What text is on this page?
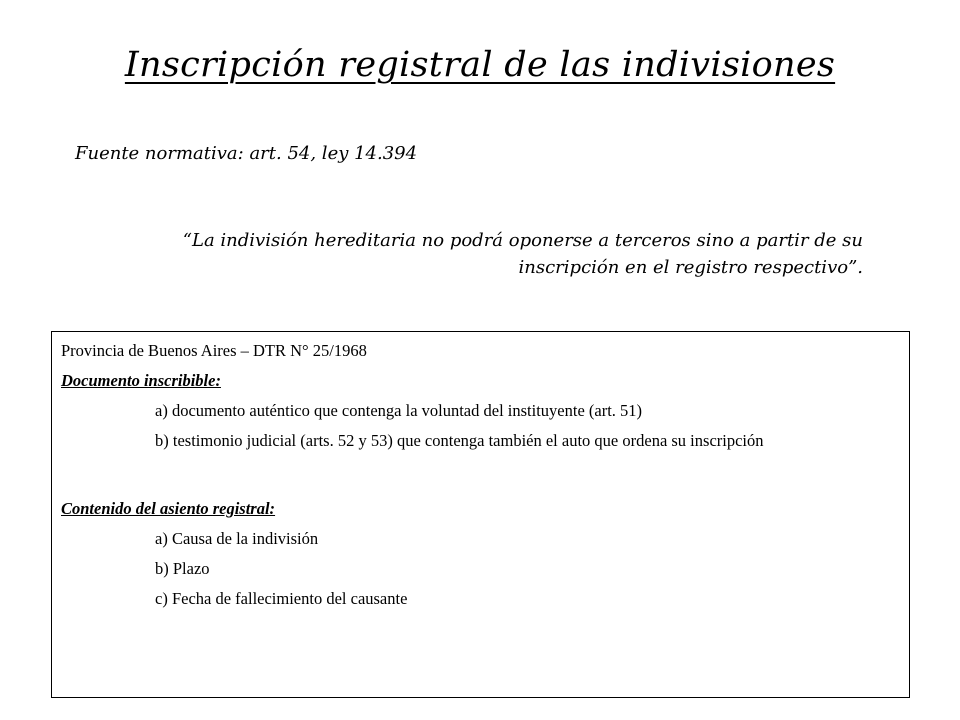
Inscripción registral de las indivisiones
Fuente normativa: art. 54, ley 14.394
“La indivisión hereditaria no podrá oponerse a terceros sino a partir de su inscripción en el registro respectivo”.

Provincia de Buenos Aires – DTR N° 25/1968

Documento inscribible:

a) documento auténtico que contenga la voluntad del instituyente (art. 51)

b) testimonio judicial (arts. 52 y 53) que contenga también el auto que ordena su inscripción

Contenido del asiento registral:

a) Causa de la indivisión

b) Plazo

c) Fecha de fallecimiento del causante
